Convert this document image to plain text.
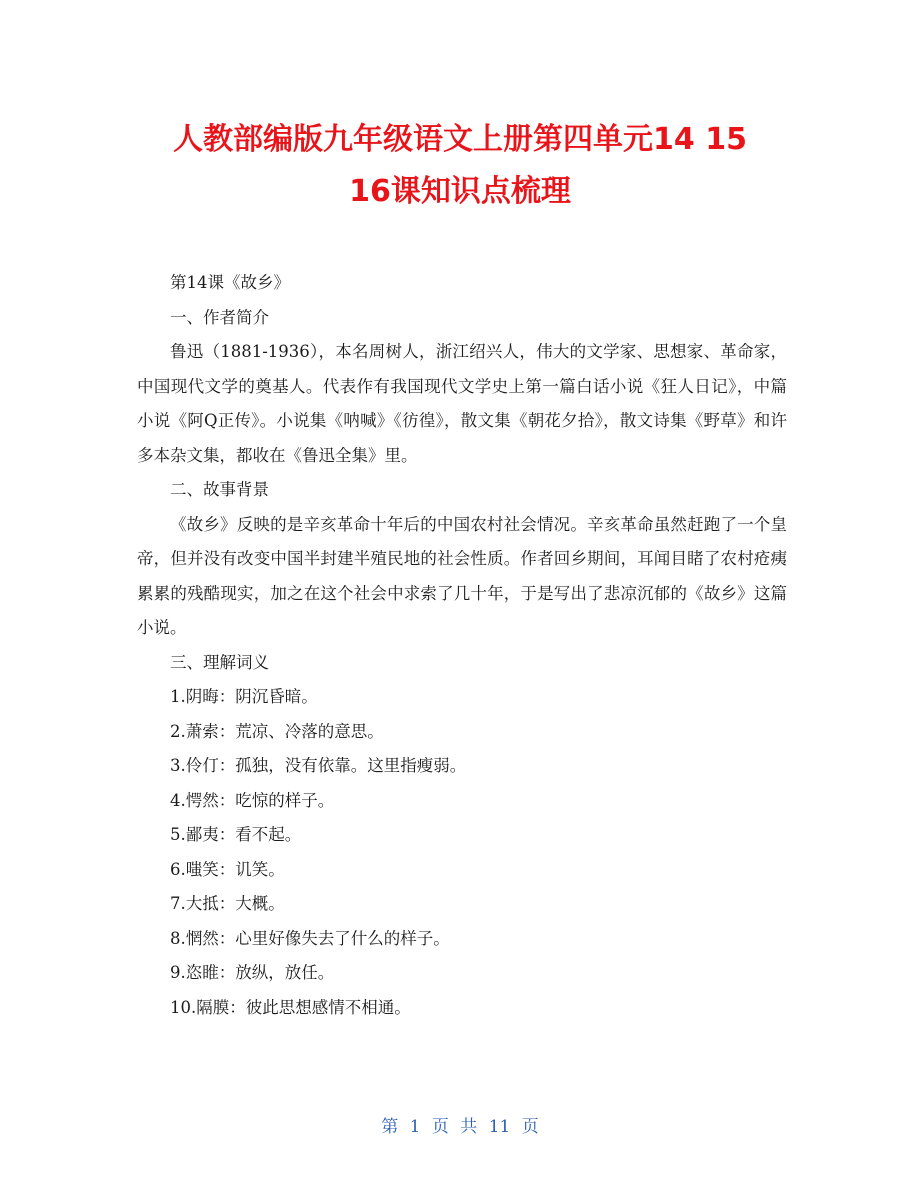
人教部编版九年级语文上册第四单元14 15
16课知识点梳理

第14课《故乡》

一、作者简介

鲁迅（1881-1936），本名周树人，浙江绍兴人，伟大的文学家、思想家、革命家，中国现代文学的奠基人。代表作有我国现代文学史上第一篇白话小说《狂人日记》，中篇小说《阿Q正传》。小说集《呐喊》《彷徨》，散文集《朝花夕拾》，散文诗集《野草》和许多本杂文集，都收在《鲁迅全集》里。

二、故事背景

《故乡》反映的是辛亥革命十年后的中国农村社会情况。辛亥革命虽然赶跑了一个皇帝，但并没有改变中国半封建半殖民地的社会性质。作者回乡期间，耳闻目睹了农村疮痍累累的残酷现实，加之在这个社会中求索了几十年，于是写出了悲凉沉郁的《故乡》这篇小说。

三、理解词义

1.阴晦：阴沉昏暗。

2.萧索：荒凉、冷落的意思。

3.伶仃：孤独，没有依靠。这里指瘦弱。

4.愕然：吃惊的样子。

5.鄙夷：看不起。

6.嗤笑：讥笑。

7.大抵：大概。

8.惘然：心里好像失去了什么的样子。

9.恣睢：放纵，放任。

10.隔膜：彼此思想感情不相通。

第 1 页 共 11 页
